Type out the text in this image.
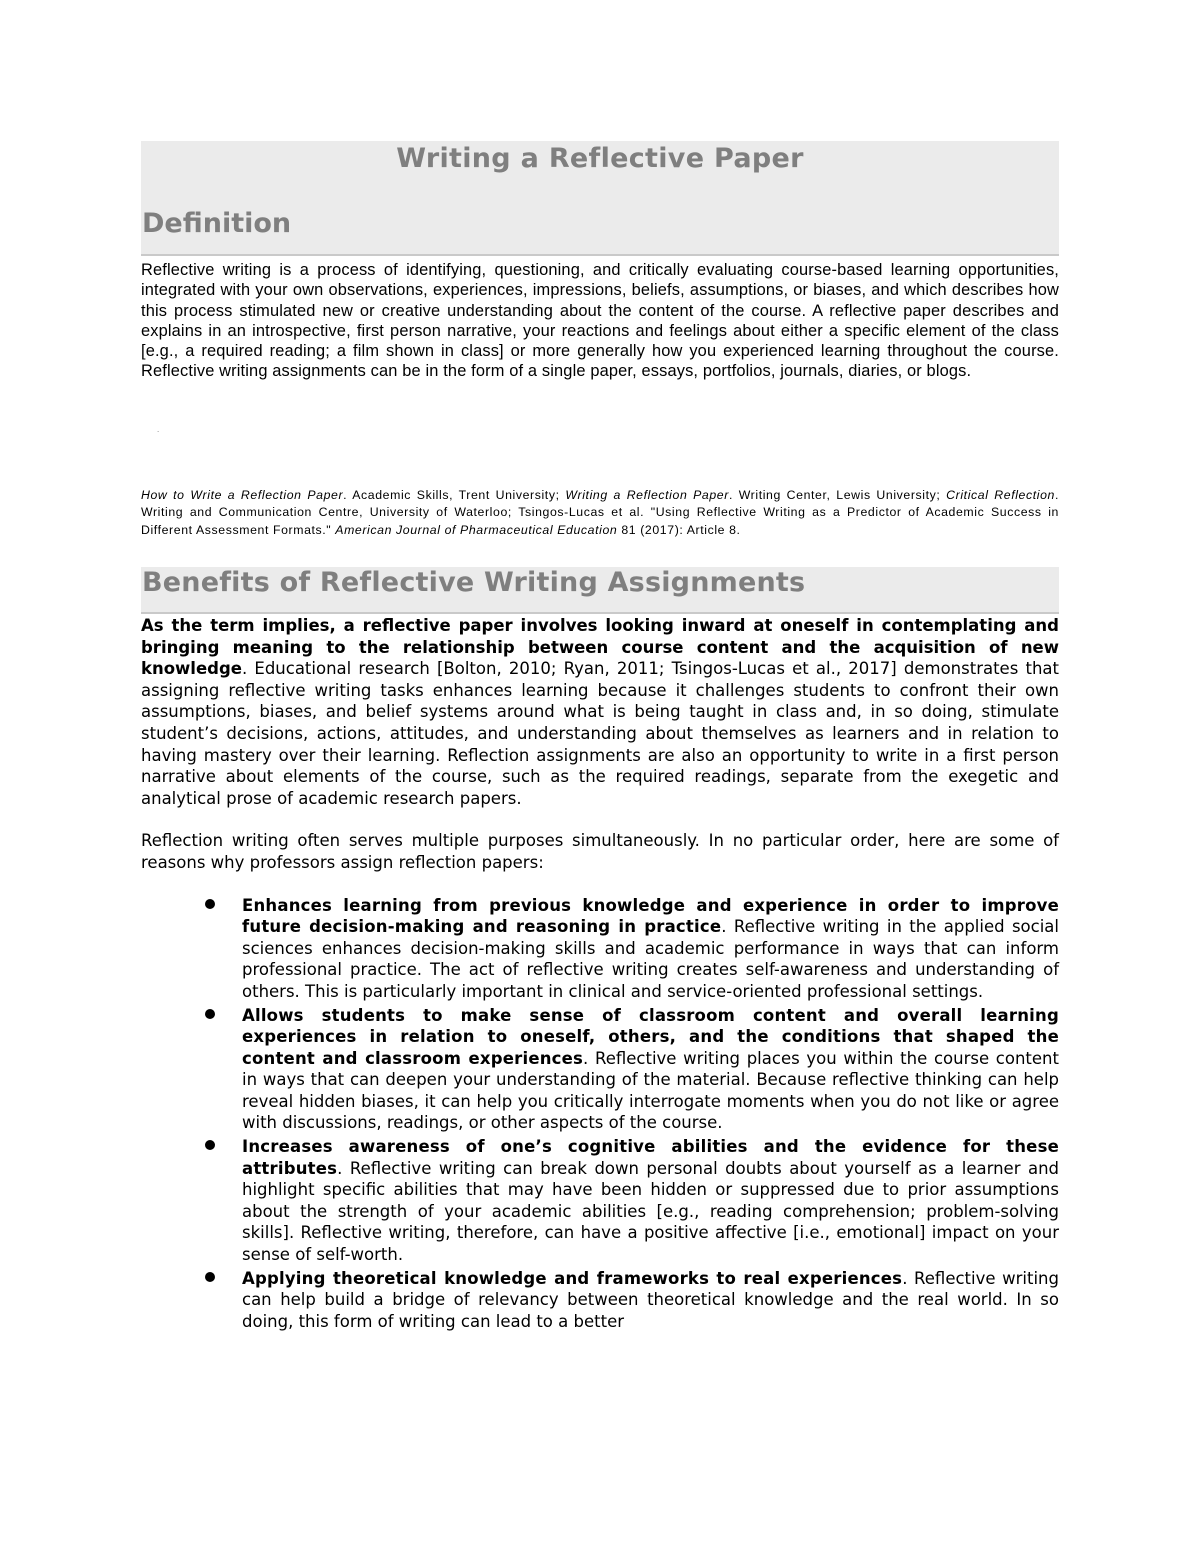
Writing a Reflective Paper
Definition
Reflective writing is a process of identifying, questioning, and critically evaluating course-based learning opportunities, integrated with your own observations, experiences, impressions, beliefs, assumptions, or biases, and which describes how this process stimulated new or creative understanding about the content of the course. A reflective paper describes and explains in an introspective, first person narrative, your reactions and feelings about either a specific element of the class [e.g., a required reading; a film shown in class] or more generally how you experienced learning throughout the course. Reflective writing assignments can be in the form of a single paper, essays, portfolios, journals, diaries, or blogs.
.
How to Write a Reflection Paper. Academic Skills, Trent University; Writing a Reflection Paper. Writing Center, Lewis University; Critical Reflection. Writing and Communication Centre, University of Waterloo; Tsingos-Lucas et al. "Using Reflective Writing as a Predictor of Academic Success in Different Assessment Formats." American Journal of Pharmaceutical Education 81 (2017): Article 8.
Benefits of Reflective Writing Assignments

As the term implies, a reflective paper involves looking inward at oneself in contemplating and bringing meaning to the relationship between course content and the acquisition of new knowledge. Educational research [Bolton, 2010; Ryan, 2011; Tsingos-Lucas et al., 2017] demonstrates that assigning reflective writing tasks enhances learning because it challenges students to confront their own assumptions, biases, and belief systems around what is being taught in class and, in so doing, stimulate student’s decisions, actions, attitudes, and understanding about themselves as learners and in relation to having mastery over their learning. Reflection assignments are also an opportunity to write in a first person narrative about elements of the course, such as the required readings, separate from the exegetic and analytical prose of academic research papers.

Reflection writing often serves multiple purposes simultaneously. In no particular order, here are some of reasons why professors assign reflection papers:

Enhances learning from previous knowledge and experience in order to improve future decision-making and reasoning in practice. Reflective writing in the applied social sciences enhances decision-making skills and academic performance in ways that can inform professional practice. The act of reflective writing creates self-awareness and understanding of others. This is particularly important in clinical and service-oriented professional settings.
Allows students to make sense of classroom content and overall learning experiences in relation to oneself, others, and the conditions that shaped the content and classroom experiences. Reflective writing places you within the course content in ways that can deepen your understanding of the material. Because reflective thinking can help reveal hidden biases, it can help you critically interrogate moments when you do not like or agree with discussions, readings, or other aspects of the course.
Increases awareness of one’s cognitive abilities and the evidence for these attributes. Reflective writing can break down personal doubts about yourself as a learner and highlight specific abilities that may have been hidden or suppressed due to prior assumptions about the strength of your academic abilities [e.g., reading comprehension; problem-solving skills]. Reflective writing, therefore, can have a positive affective [i.e., emotional] impact on your sense of self-worth.
Applying theoretical knowledge and frameworks to real experiences. Reflective writing can help build a bridge of relevancy between theoretical knowledge and the real world. In so doing, this form of writing can lead to a better
